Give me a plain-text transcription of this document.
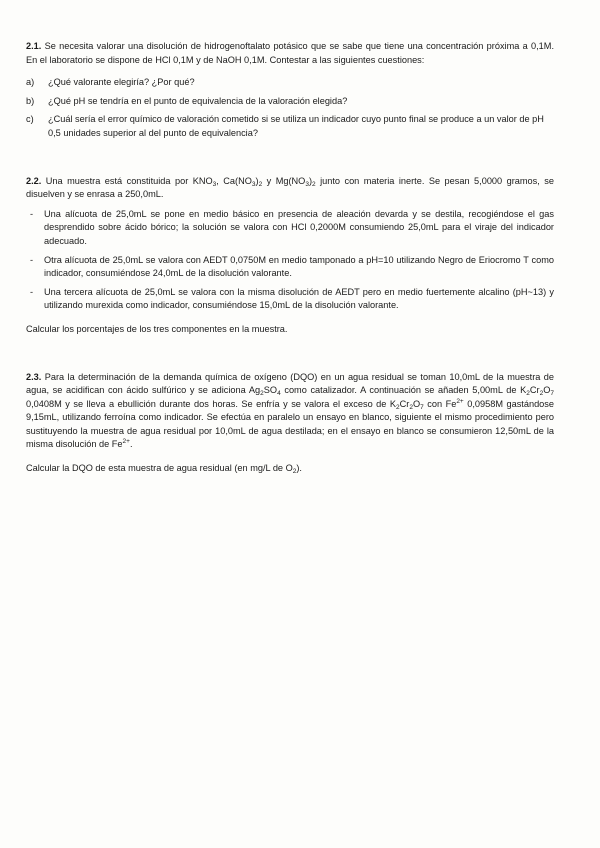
2.1. Se necesita valorar una disolución de hidrogenoftalato potásico que se sabe que tiene una concentración próxima a 0,1M. En el laboratorio se dispone de HCl 0,1M y de NaOH 0,1M. Contestar a las siguientes cuestiones:

a)	¿Qué valorante elegiría? ¿Por qué?
b)	¿Qué pH se tendría en el punto de equivalencia de la valoración elegida?
c)	¿Cuál sería el error químico de valoración cometido si se utiliza un indicador cuyo punto final se produce a un valor de pH 0,5 unidades superior al del punto de equivalencia?

2.2. Una muestra está constituida por $KNO_3$, $Ca(NO_3)_2$ y $Mg(NO_3)_2$ junto con materia inerte. Se pesan 5,0000 gramos, se disuelven y se enrasa a 250,0mL.

-	Una alícuota de 25,0mL se pone en medio básico en presencia de aleación devarda y se destila, recogiéndose el gas desprendido sobre ácido bórico; la solución se valora con HCl 0,2000M consumiendo 25,0mL para el viraje del indicador adecuado.
-	Otra alícuota de 25,0mL se valora con AEDT 0,0750M en medio tamponado a pH=10 utilizando Negro de Eriocromo T como indicador, consumiéndose 24,0mL de la disolución valorante.
-	Una tercera alícuota de 25,0mL se valora con la misma disolución de AEDT pero en medio fuertemente alcalino (pH~13) y utilizando murexida como indicador, consumiéndose 15,0mL de la disolución valorante.

Calcular los porcentajes de los tres componentes en la muestra.

2.3. Para la determinación de la demanda química de oxígeno (DQO) en un agua residual se toman 10,0mL de la muestra de agua, se acidifican con ácido sulfúrico y se adiciona $Ag_2SO_4$ como catalizador. A continuación se añaden 5,00mL de $K_2Cr_2O_7$ 0,0408M y se lleva a ebullición durante dos horas. Se enfría y se valora el exceso de $K_2Cr_2O_7$ con $Fe^{2+}$ 0,0958M gastándose 9,15mL, utilizando ferroína como indicador. Se efectúa en paralelo un ensayo en blanco, siguiente el mismo procedimiento pero sustituyendo la muestra de agua residual por 10,0mL de agua destilada; en el ensayo en blanco se consumieron 12,50mL de la misma disolución de $Fe^{2+}$.

Calcular la DQO de esta muestra de agua residual (en mg/L de $O_2$).
